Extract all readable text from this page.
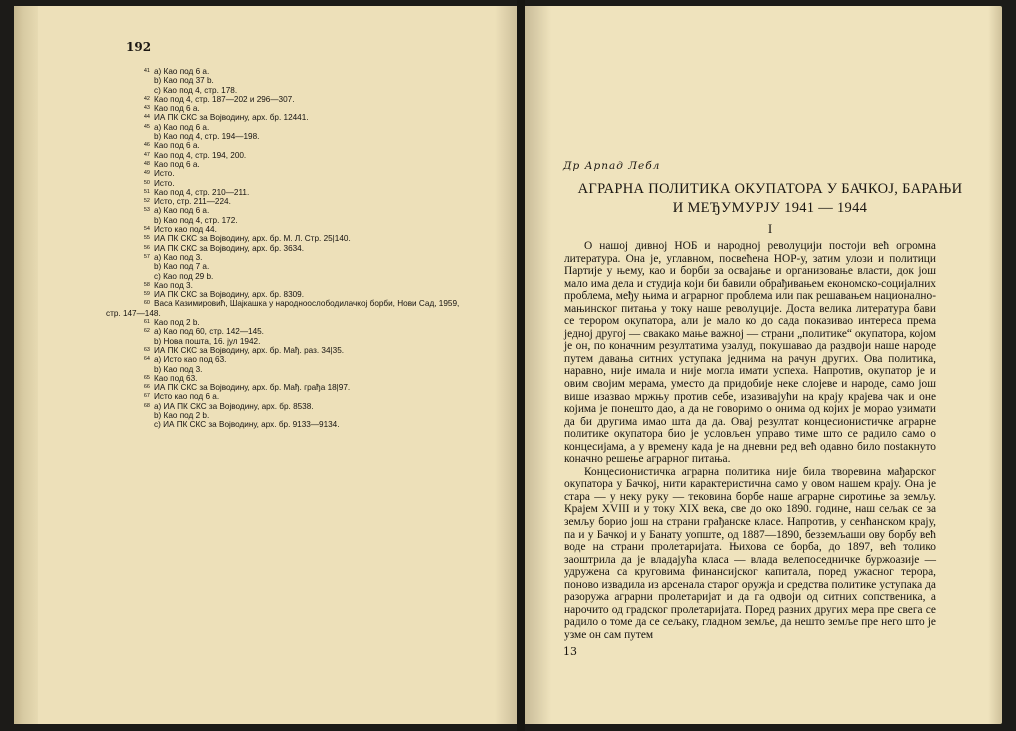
192
41 a) Као под 6 а.
b) Као под 37 b.
c) Као под 4, стр. 178.
42 Као под 4, стр. 187—202 и 296—307.
43 Као под 6 а.
44 ИА ПК СКС за Војводину, арх. бр. 12441.
45 a) Као под 6 а.
b) Као под 4, стр. 194—198.
46 Као под 6 а.
47 Као под 4, стр. 194, 200.
48 Као под 6 а.
49 Исто.
50 Исто.
51 Као под 4, стр. 210—211.
52 Исто, стр. 211—224.
53 a) Као под 6 а.
b) Као под 4, стр. 172.
54 Исто као под 44.
55 ИА ПК СКС за Војводину, арх. бр. М. Л. Стр. 25|140.
56 ИА ПК СКС за Војводину, арх. бр. 3634.
57 a) Као под 3.
b) Као под 7 а.
c) Као под 29 b.
58 Као под 3.
59 ИА ПК СКС за Војводину, арх. бр. 8309.
60 Васа Казимировић, Шајкашка у народноослободилачкој борби, Нови Сад, 1959,
стр. 147—148.
61 Као под 2 b.
62 a) Као под 60, стр. 142—145.
b) Нова пошта, 16. јул 1942.
63 ИА ПК СКС за Војводину, арх. бр. Мађ. раз. 34|35.
64 a) Исто као под 63.
b) Као под 3.
65 Као под 63.
66 ИА ПК СКС за Војводину, арх. бр. Мађ. грађа 18|97.
67 Исто као под 6 а.
68 a) ИА ПК СКС за Војводину, арх. бр. 8538.
b) Као под 2 b.
c) ИА ПК СКС за Војводину, арх. бр. 9133—9134.
Др Арпад Лебл
АГРАРНА ПОЛИТИКА ОКУПАТОРА У БАЧКОЈ, БАРАЊИ
И МЕЂУМУРЈУ 1941 — 1944
I

О нашој дивној НОБ и народној револуцији постоји већ огромна литература. Она је, углавном, посвећена НОР-у, затим улози и политици Партије у њему, као и борби за освајање и организовање власти, док још мало има дела и студија који би бавили обрађивањем економско-социјалних проблема, међу њима и аграрног проблема или пак решавањем национално-мањинског питања у току наше револуције. Доста велика литература бави се терором окупатора, али је мало ко до сада показивао интереса према једној другој — свакако мање важној — страни „политике“ окупатора, којом је он, по коначним резултатима узалуд, покушавао да раздвоји наше народе путем давања ситних уступака једнима на рачун других. Ова политика, наравно, није имала и није могла имати успеха. Напротив, окупатор је и овим својим мерама, уместо да придобије неке слојеве и народе, само још више изазвао мржњу против себе, изазивајући на крају крајева чак и оне којима је понешто дао, а да не говоримо о онима од којих је морао узимати да би другима имао шта да да. Овај резултат концесионистичке аграрне политике окупатора био је условљен управо тиме што се радило само о концесијама, а у времену када је на дневни ред већ одавно било пostaкнуто коначно решење аграрног питања.

Концесионистичка аграрна политика није била творевина мађарског окупатора у Бачкој, нити карактеристична само у овом нашем крају. Она је стара — у неку руку — тековина борбе наше аграрне сиротиње за земљу. Крајем XVIII и у току XIX века, све до око 1890. године, наш сељак се за земљу борио још на страни грађанске класе. Напротив, у сенћанском крају, па и у Бачкој и у Банату уопште, од 1887—1890, безземљаши ову борбу већ воде на страни пролетаријата. Њихова се борба, до 1897, већ толико заоштрила да је владајућа класа — влада велепоседничке буржоазије — удружена са круговима финансијског капитала, поред ужасног терора, поново извадила из арсенала старог оружја и средства политике уступака да разоружа аграрни пролетаријат и да га одвоји од ситних сопственика, а нарочито од градског пролетаријата. Поред разних других мера пре свега се радило о томе да се сељаку, гладном земље, да нешто земље пре него што је узме он сам путем

13
